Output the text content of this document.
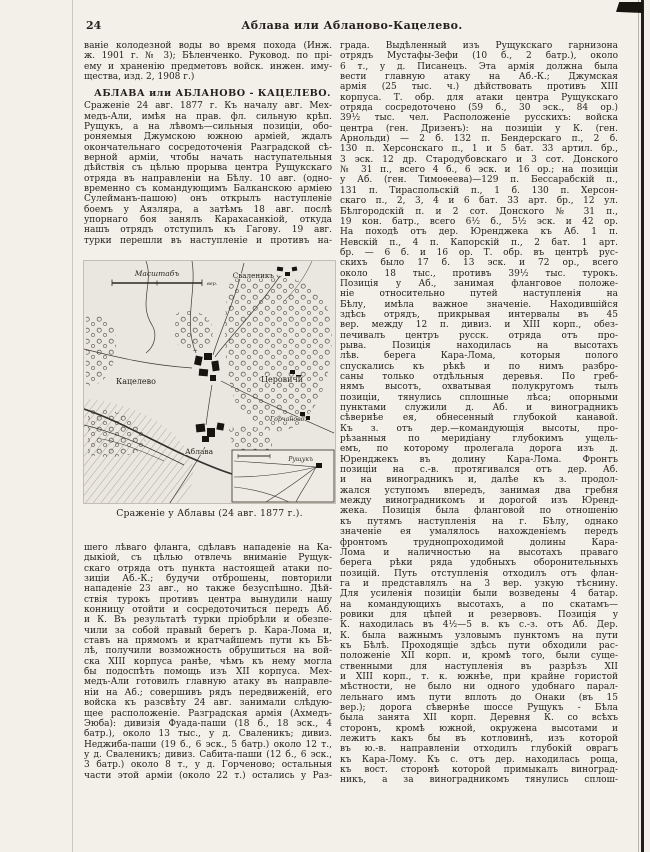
24	Аблава или Абланово-Кацелево.
ваніе колодезной воды во время похода (Инж.
ж. 1901 г. № 3); Бѣленченко. Руковод. по прі-
ему и храненію предметовъ войск. инжен. иму-
щества, изд. 2, 1908 г.)
АБЛАВА или АБЛАНОВО - КАЦЕЛЕВО.
Сраженіе 24 авг. 1877 г. Къ началу авг. Мех-
медъ-Али, имѣя на прав. фл. сильную крѣп.
Рущукъ, а на лѣвомъ—сильныя позиціи, обо-
роняемыя Джумскою южною арміей, ждалъ
окончательнаго сосредоточенія Разградской сѣ-
верной арміи, чтобы начать наступательныя
дѣйствія съ цѣлью прорыва центра Рущукскаго
отряда въ направленіи на Бѣлу. 10 авг. (одно-
временно съ командующимъ Балканскою арміею
Сулейманъ-пашою) онъ открылъ наступленіе
боемъ у Аязляра, а затѣмъ 18 авг. послѣ
упорнаго боя занялъ Карахасанкіой, откуда
нашъ отрядъ отступилъ къ Гагову. 19 авг.
турки перешли въ наступленіе и противъ на-
Масштабъ
вер.
Сваленикъ
Церовичи
Горчаново
Кацелево
Аблава
Рущукъ
Сраженіе у Аблавы (24 авг. 1877 г.).
шего лѣваго фланга, сдѣлавъ нападеніе на Ка-
дыкіой, съ цѣлью отвлечь вниманіе Рущук-
скаго отряда отъ пункта настоящей атаки по-
зиціи Аб.-К.; будучи отброшены, повторили
нападеніе 23 авг., но также безуспѣшно. Дѣй-
ствія турокъ противъ центра вынудили нашу
конницу отойти и сосредоточиться передъ Аб.
и К. Въ результатѣ турки пріобрѣли и обезпе-
чили за собой правый берегъ р. Кара-Лома и,
ставъ на прямомъ и кратчайшемъ пути къ Бѣ-
лѣ, получили возможность обрушиться на вой-
ска XIII корпуса ранѣе, чѣмъ къ нему могла
бы подоспѣть помощь изъ XII корпуса. Мех-
медъ-Али готовилъ главную атаку въ направле-
ніи на Аб.; совершивъ рядъ передвиженій, его
войска къ разсвѣту 24 авг. занимали слѣдую-
щее расположеніе. Разградская армія (Ахмедъ-
Эюба): дивизія Фуада-паши (18 б., 18 эск., 4
батр.), около 13 тыс., у д. Сваленикъ; дивиз.
Неджиба-паши (19 б., 6 эск., 5 батр.) около 12 т.,
у д. Сваленикъ; дивиз. Сабита-паши (12 б., 6 эск.,
3 батр.) около 8 т., у д. Горченово; остальныя
части этой арміи (около 22 т.) остались у Раз-
града. Выдѣленный изъ Рущукскаго гарнизона
отрядъ Мустафы-Зефи (10 б., 2 батр.), около
6 т., у д. Писанецъ. Эта армія должна была
вести главную атаку на Аб.-К.; Джумская
армія (25 тыс. ч.) дѣйствовать противъ XIII
корпуса. Т. обр. для атаки центра Рущукскаго
отряда сосредоточено (59 б., 30 эск., 84 ор.)
39½ тыс. чел. Расположеніе русскихъ: войска
центра (ген. Дризенъ): на позиціи у К. (ген.
Арнольди) — 2 б. 132 п. Бендерскаго п., 2 б.
130 п. Херсонскаго п., 1 и 5 бат. 33 артил. бр.,
3 эск. 12 др. Стародубовскаго и 3 сот. Донского
№ 31 п., всего 4 б., 6 эск. и 16 ор.; на позиціи
у Аб. (ген. Тимоѳеева)—129 п. Бессарабскій п.,
131 п. Тираспольскій п., 1 б. 130 п. Херсон-
скаго п., 2, 3, 4 и 6 бат. 33 арт. бр., 12 ул.
Бѣлгородскій п. и 2 сот. Донского № 31 п.,
19 кон. батр., всего 6½ б., 5½ эск. и 42 ор.
На походѣ отъ дер. Юренджека къ Аб. 1 п.
Невскій п., 4 п. Капорскій п., 2 бат. 1 арт.
бр. — 6 б. и 16 ор. Т. обр. въ центрѣ рус-
скихъ было 17 б. 13 эск. и 72 ор., всего
около 18 тыс., противъ 39½ тыс. турокъ.
Позиція у Аб., занимая фланговое положе-
ніе относительно путей наступленія на
Бѣлу, имѣла важное значеніе. Находившійся
здѣсь отрядъ, прикрывая интервалы въ 45
вер. между 12 п. дивиз. и XIII корп., обез-
печивалъ центръ русск. отряда отъ про-
рыва. Позиція находилась на высотахъ
лѣв. берега Кара-Лома, которыя полого
спускались къ рѣкѣ и по нимъ разбро-
саны только отдѣльныя деревья. По греб-
нямъ высотъ, охватывая полукругомъ тылъ
позиціи, тянулись сплошные лѣса; опорными
пунктами служили д. Аб. и виноградникъ
сѣвернѣе ея, обнесенный глубокой канавой.
Къ з. отъ дер.—командующія высоты, про-
рѣзанныя по меридіану глубокимъ ущель-
емъ, по которому пролегала дорога изъ д.
Юренджекъ въ долину Кара-Лома. Фронтъ
позиціи на с.-в. протягивался отъ дер. Аб.
и на виноградникъ и, далѣе къ з. продол-
жался уступомъ впередъ, занимая два гребня
между виноградникомъ и дорогой изъ Юренд-
жека. Позиція была фланговой по отношенію
къ путямъ наступленія на г. Бѣлу, однако
значеніе ея умалялось нахожденіемъ передъ
фронтомъ труднопроходимой долины Кара-
Лома и наличностью на высотахъ праваго
берега рѣки ряда удобныхъ оборонительныхъ
позицій. Путь отступленія отходилъ отъ флан-
га и представлялъ на 3 вер. узкую тѣснину.
Для усиленія позиціи были возведены 4 батар.
на командующихъ высотахъ, а по скатамъ—
ровики для цѣпей и резервовъ. Позиція у
К. находилась въ 4½—5 в. къ с.-з. отъ Аб. Дер.
К. была важнымъ узловымъ пунктомъ на пути
къ Бѣлѣ. Проходящіе здѣсь пути обходили рас-
положеніе XII корп. и, кромѣ того, были суще-
ственными для наступленія въ разрѣзъ XII
и XIII корп., т. к. южнѣе, при крайне гористой
мѣстности, не было ни одного удобнаго парал-
лельнаго имъ пути вплоть до Онаки (въ 15
вер.); дорога сѣвернѣе шоссе Рущукъ - Бѣла
была занята XII корп. Деревня К. со всѣхъ
сторонъ, кромѣ южной, окружена высотами и
лежитъ какъ бы въ котловинѣ, изъ которой
въ ю.-в. направленіи отходилъ глубокій оврагъ
къ Кара-Лому. Къ с. отъ дер. находилась роща,
къ вост. сторонѣ которой примыкалъ виноград-
никъ, а за виноградникомъ тянулись сплош-
